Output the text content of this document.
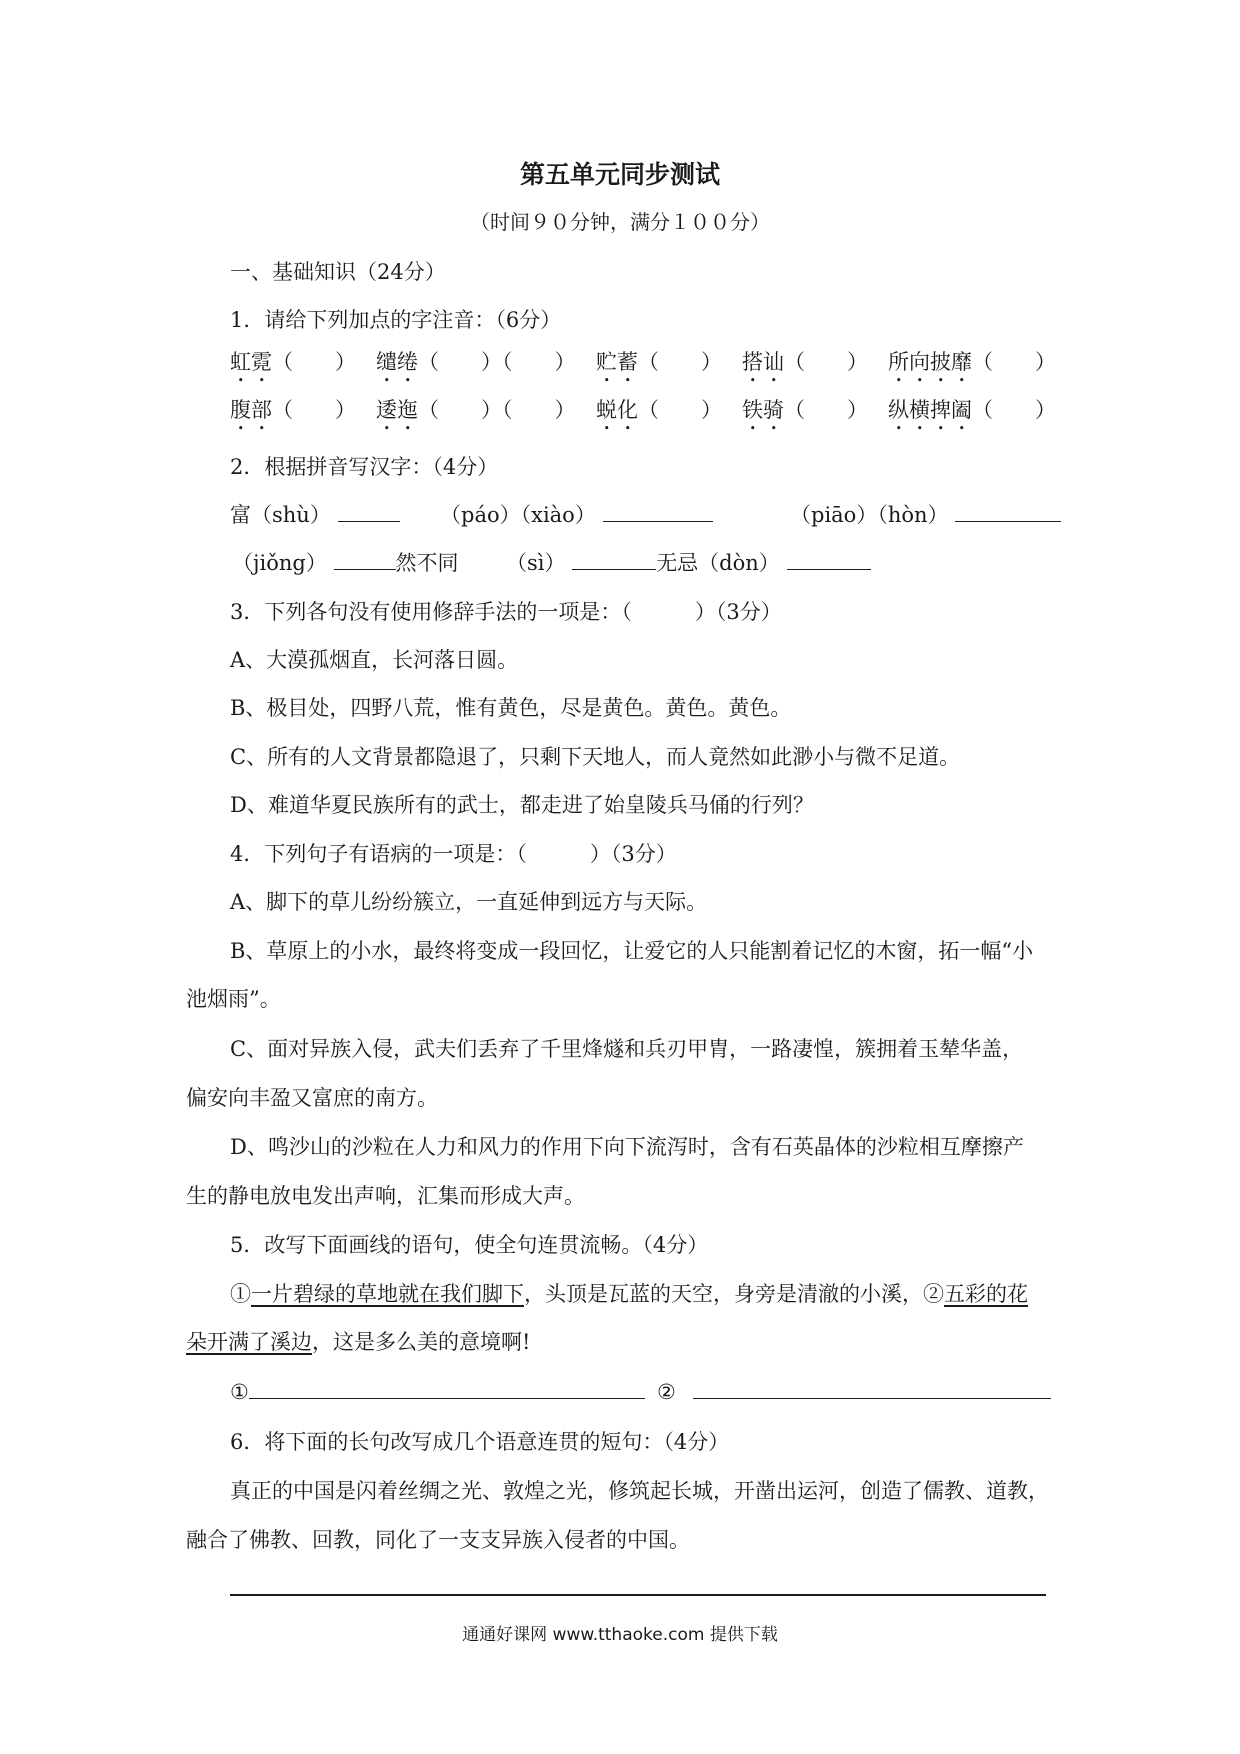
第五单元同步测试
（时间９０分钟，满分１００分）
一、基础知识（24分）
1．请给下列加点的字注音：（6分）
虹霓（　　） 缱绻（　　）（　　） 贮蓄（　　） 搭讪（　　） 所向披靡（　　）
腹部（　　） 逶迤（　　）（　　） 蜕化（　　） 铁骑（　　） 纵横捭阖（　　）
2．根据拼音写汉字：（4分）
富（shù）	（páo）（xiào）	（piāo）（hòn）
（jiǒng）	然不同 （sì）	无忌（dòn）
3．下列各句没有使用修辞手法的一项是：（　　　）（3分）
A、大漠孤烟直，长河落日圆。
B、极目处，四野八荒，惟有黄色，尽是黄色。黄色。黄色。
C、所有的人文背景都隐退了，只剩下天地人，而人竟然如此渺小与微不足道。
D、难道华夏民族所有的武士，都走进了始皇陵兵马俑的行列？
4．下列句子有语病的一项是：（　　　）（3分）
A、脚下的草儿纷纷簇立，一直延伸到远方与天际。
B、草原上的小水，最终将变成一段回忆，让爱它的人只能割着记忆的木窗，拓一幅“小
池烟雨”。
C、面对异族入侵，武夫们丢弃了千里烽燧和兵刃甲胄，一路凄惶，簇拥着玉辇华盖，
偏安向丰盈又富庶的南方。
D、鸣沙山的沙粒在人力和风力的作用下向下流泻时，含有石英晶体的沙粒相互摩擦产
生的静电放电发出声响，汇集而形成大声。
5．改写下面画线的语句，使全句连贯流畅。（4分）
①一片碧绿的草地就在我们脚下，头顶是瓦蓝的天空，身旁是清澈的小溪，②五彩的花
朵开满了溪边，这是多么美的意境啊!
①	②
6．将下面的长句改写成几个语意连贯的短句：（4分）
真正的中国是闪着丝绸之光、敦煌之光，修筑起长城，开凿出运河，创造了儒教、道教，
融合了佛教、回教，同化了一支支异族入侵者的中国。
通通好课网 www.tthaoke.com 提供下载
